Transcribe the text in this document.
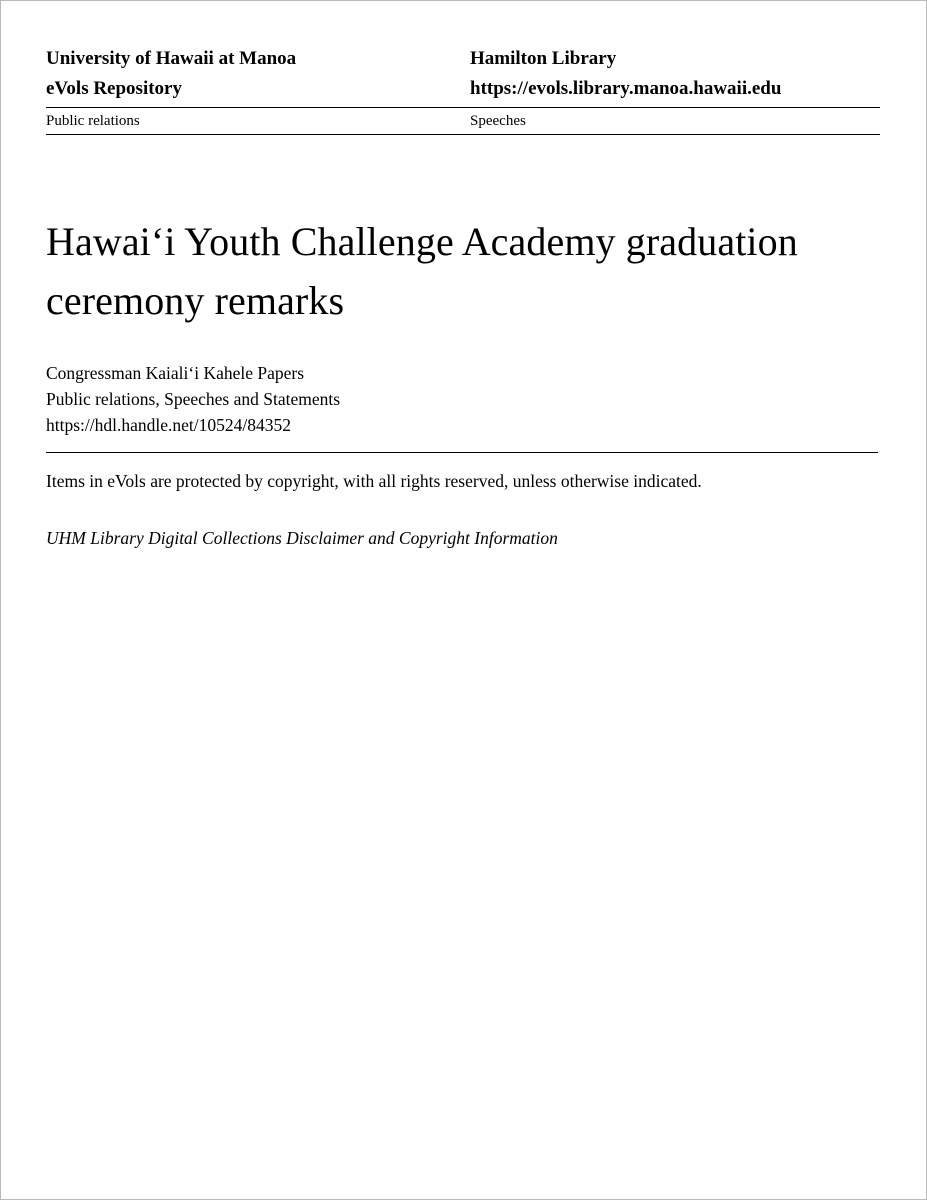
University of Hawaii at Manoa	Hamilton Library
eVols Repository	https://evols.library.manoa.hawaii.edu
Public relations	Speeches
Hawaiʻi Youth Challenge Academy graduation ceremony remarks
Congressman Kaialiʻi Kahele Papers
Public relations, Speeches and Statements
https://hdl.handle.net/10524/84352
Items in eVols are protected by copyright, with all rights reserved, unless otherwise indicated.
UHM Library Digital Collections Disclaimer and Copyright Information
